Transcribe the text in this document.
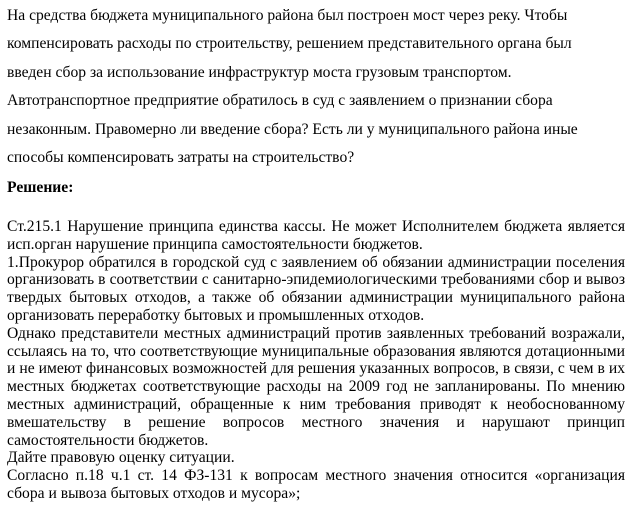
На средства бюджета муниципального района был построен мост через реку. Чтобы
компенсировать расходы по строительству, решением представительного органа был
введен сбор за использование инфраструктур моста грузовым транспортом.
Автотранспортное предприятие обратилось в суд с заявлением о признании сбора
незаконным. Правомерно ли введение сбора? Есть ли у муниципального района иные
способы компенсировать затраты на строительство?
Решение:

Ст.215.1 Нарушение принципа единства кассы. Не может Исполнителем бюджета является исп.орган нарушение принципа самостоятельности бюджетов.

1.Прокурор обратился в городской суд с заявлением об обязании администрации поселения организовать в соответствии с санитарно-эпидемиологическими требованиями сбор и вывоз твердых бытовых отходов, а также об обязании администрации муниципального района организовать переработку бытовых и промышленных отходов.

Однако представители местных администраций против заявленных требований возражали, ссылаясь на то, что соответствующие муниципальные образования являются дотационными и не имеют финансовых возможностей для решения указанных вопросов, в связи, с чем в их местных бюджетах соответствующие расходы на 2009 год не запланированы. По мнению местных администраций, обращенные к ним требования приводят к необоснованному вмешательству в решение вопросов местного значения и нарушают принцип самостоятельности бюджетов.

Дайте правовую оценку ситуации.

Согласно п.18 ч.1 ст. 14 ФЗ-131 к вопросам местного значения относится «организация сбора и вывоза бытовых отходов и мусора»;
